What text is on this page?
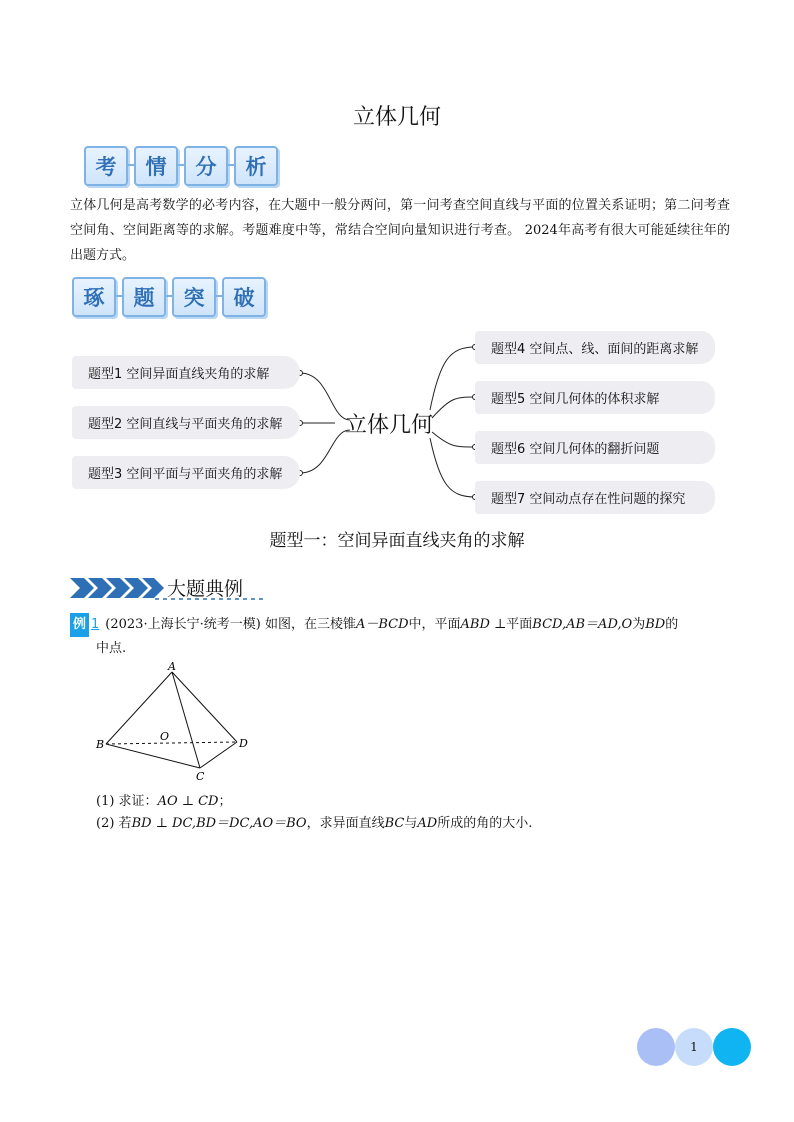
立体几何
考	情	分	析
立体几何是高考数学的必考内容，在大题中一般分两问，第一问考查空间直线与平面的位置关系证明；第二问考查空间角、空间距离等的求解。考题难度中等，常结合空间向量知识进行考查。 2024年高考有很大可能延续往年的出题方式。
琢	题	突	破
题型1 空间异面直线夹角的求解
题型2 空间直线与平面夹角的求解
题型3 空间平面与平面夹角的求解
立体几何
题型4 空间点、线、面间的距离求解
题型5 空间几何体的体积求解
题型6 空间几何体的翻折问题
题型7 空间动点存在性问题的探究
题型一：空间异面直线夹角的求解
大题典例
例 1 (2023·上海长宁·统考一模) 如图，在三棱锥A－BCD中，平面ABD ⊥平面BCD,AB＝AD,O为BD的
中点.
A
B
C
D
O
(1) 求证：AO ⊥ CD；
(2) 若BD ⊥ DC,BD＝DC,AO＝BO，求异面直线BC与AD所成的角的大小.
1
